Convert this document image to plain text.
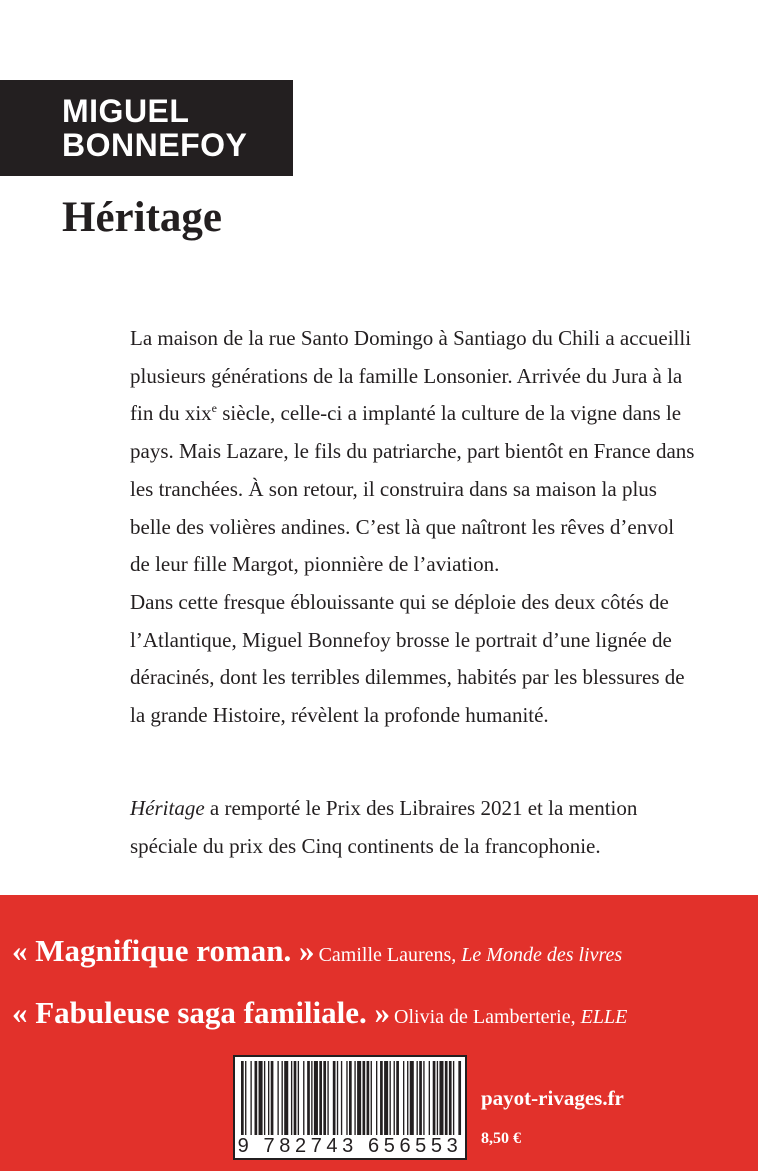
MIGUEL
BONNEFOY
Héritage

La maison de la rue Santo Domingo à Santiago du Chili a accueilli plusieurs générations de la famille Lonsonier. Arrivée du Jura à la fin du xix$^e$ siècle, celle-ci a implanté la culture de la vigne dans le pays. Mais Lazare, le fils du patriarche, part bientôt en France dans les tranchées. À son retour, il construira dans sa maison la plus belle des volières andines. C’est là que naîtront les rêves d’envol de leur fille Margot, pionnière de l’aviation.

Dans cette fresque éblouissante qui se déploie des deux côtés de l’Atlantique, Miguel Bonnefoy brosse le portrait d’une lignée de déracinés, dont les terribles dilemmes, habités par les blessures de la grande Histoire, révèlent la profonde humanité.

Héritage a remporté le Prix des Libraires 2021 et la mention spéciale du prix des Cinq continents de la francophonie.

« Magnifique roman. » Camille Laurens, Le Monde des livres

« Fabuleuse saga familiale. » Olivia de Lamberterie, ELLE

9 782743 656553

payot-rivages.fr

8,50 €
